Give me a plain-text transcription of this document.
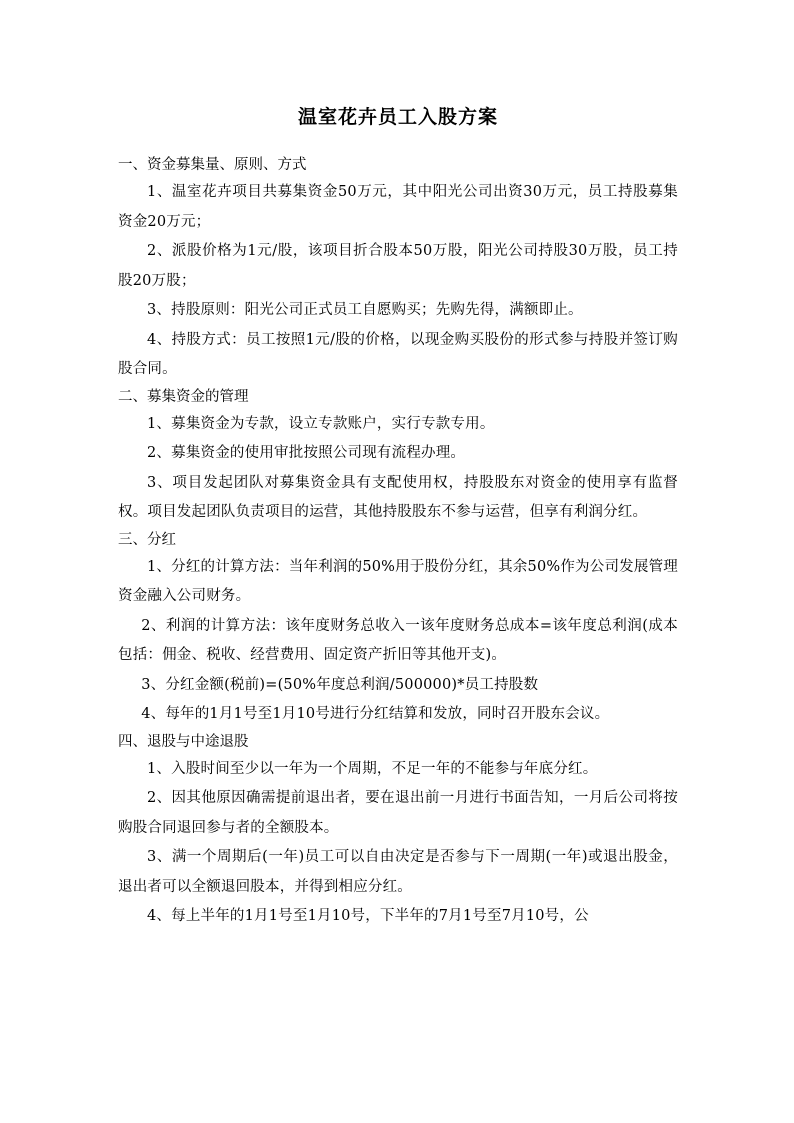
温室花卉员工入股方案

一、资金募集量、原则、方式

1、温室花卉项目共募集资金50万元，其中阳光公司出资30万元，员工持股募集资金20万元；

2、派股价格为1元/股，该项目折合股本50万股，阳光公司持股30万股，员工持股20万股；

3、持股原则：阳光公司正式员工自愿购买；先购先得，满额即止。

4、持股方式：员工按照1元/股的价格，以现金购买股份的形式参与持股并签订购股合同。

二、募集资金的管理

1、募集资金为专款，设立专款账户，实行专款专用。

2、募集资金的使用审批按照公司现有流程办理。

3、项目发起团队对募集资金具有支配使用权，持股股东对资金的使用享有监督权。项目发起团队负责项目的运营，其他持股股东不参与运营，但享有利润分红。

三、分红

1、分红的计算方法：当年利润的50%用于股份分红，其余50%作为公司发展管理资金融入公司财务。

2、利润的计算方法：该年度财务总收入一该年度财务总成本=该年度总利润(成本包括：佣金、税收、经营费用、固定资产折旧等其他开支)。

3、分红金额(税前)=(50%年度总利润/500000)*员工持股数

4、每年的1月1号至1月10号进行分红结算和发放，同时召开股东会议。

四、退股与中途退股

1、入股时间至少以一年为一个周期，不足一年的不能参与年底分红。

2、因其他原因确需提前退出者，要在退出前一月进行书面告知，一月后公司将按购股合同退回参与者的全额股本。

3、满一个周期后(一年)员工可以自由决定是否参与下一周期(一年)或退出股金，退出者可以全额退回股本，并得到相应分红。

4、每上半年的1月1号至1月10号，下半年的7月1号至7月10号，公
